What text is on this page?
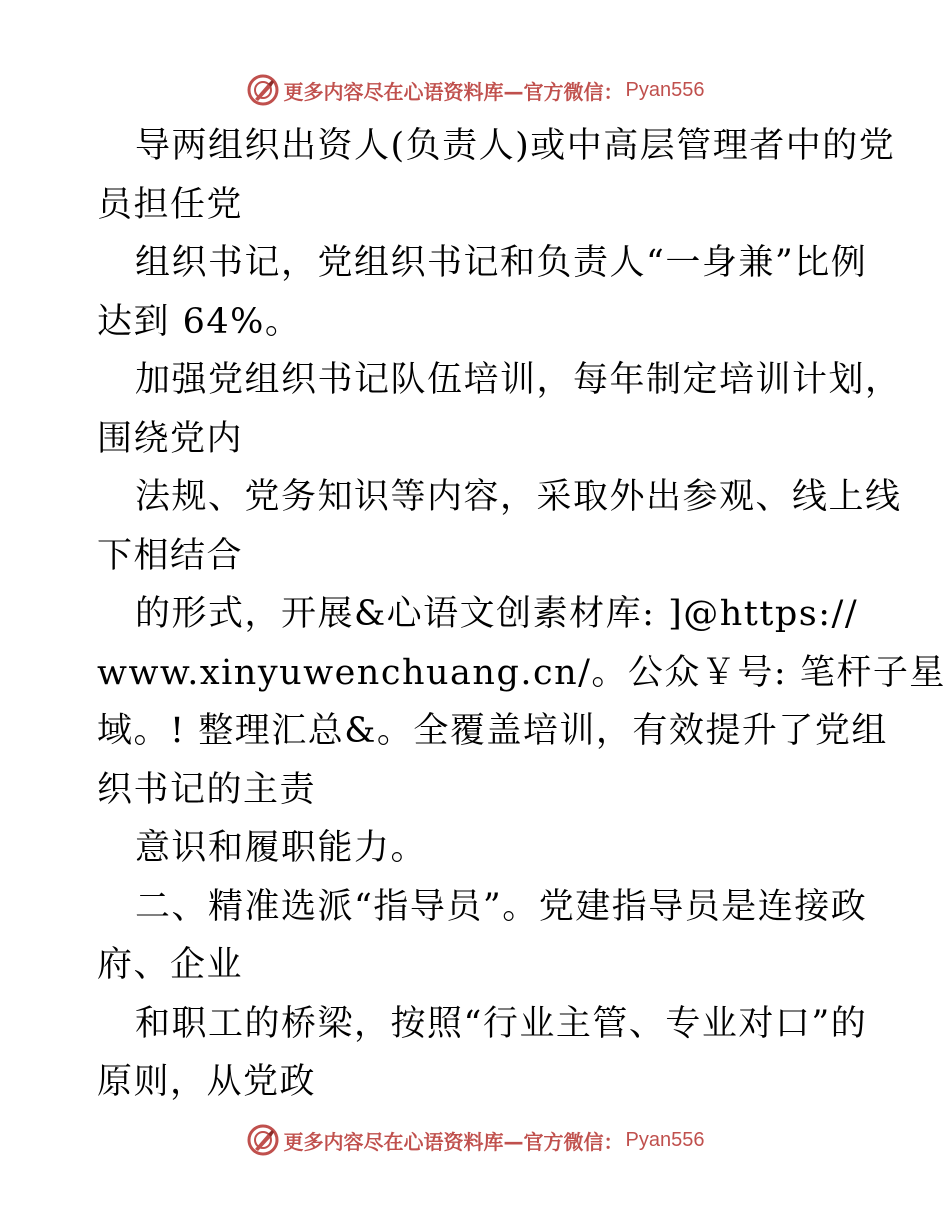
更多内容尽在心语资料库—官方微信： Pyan556
导两组织出资人(负责人)或中高层管理者中的党
员担任党
组织书记，党组织书记和负责人“一身兼”比例
达到 64%。
加强党组织书记队伍培训，每年制定培训计划，
围绕党内
法规、党务知识等内容，采取外出参观、线上线
下相结合
的形式，开展&心语文创素材库: ]@https://
www.xinyuwenchuang.cn/。公众￥号: 笔杆子星
域。! 整理汇总&。全覆盖培训，有效提升了党组
织书记的主责
意识和履职能力。
二、精准选派“指导员”。党建指导员是连接政
府、企业
和职工的桥梁，按照“行业主管、专业对口”的
原则，从党政
更多内容尽在心语资料库—官方微信： Pyan556
